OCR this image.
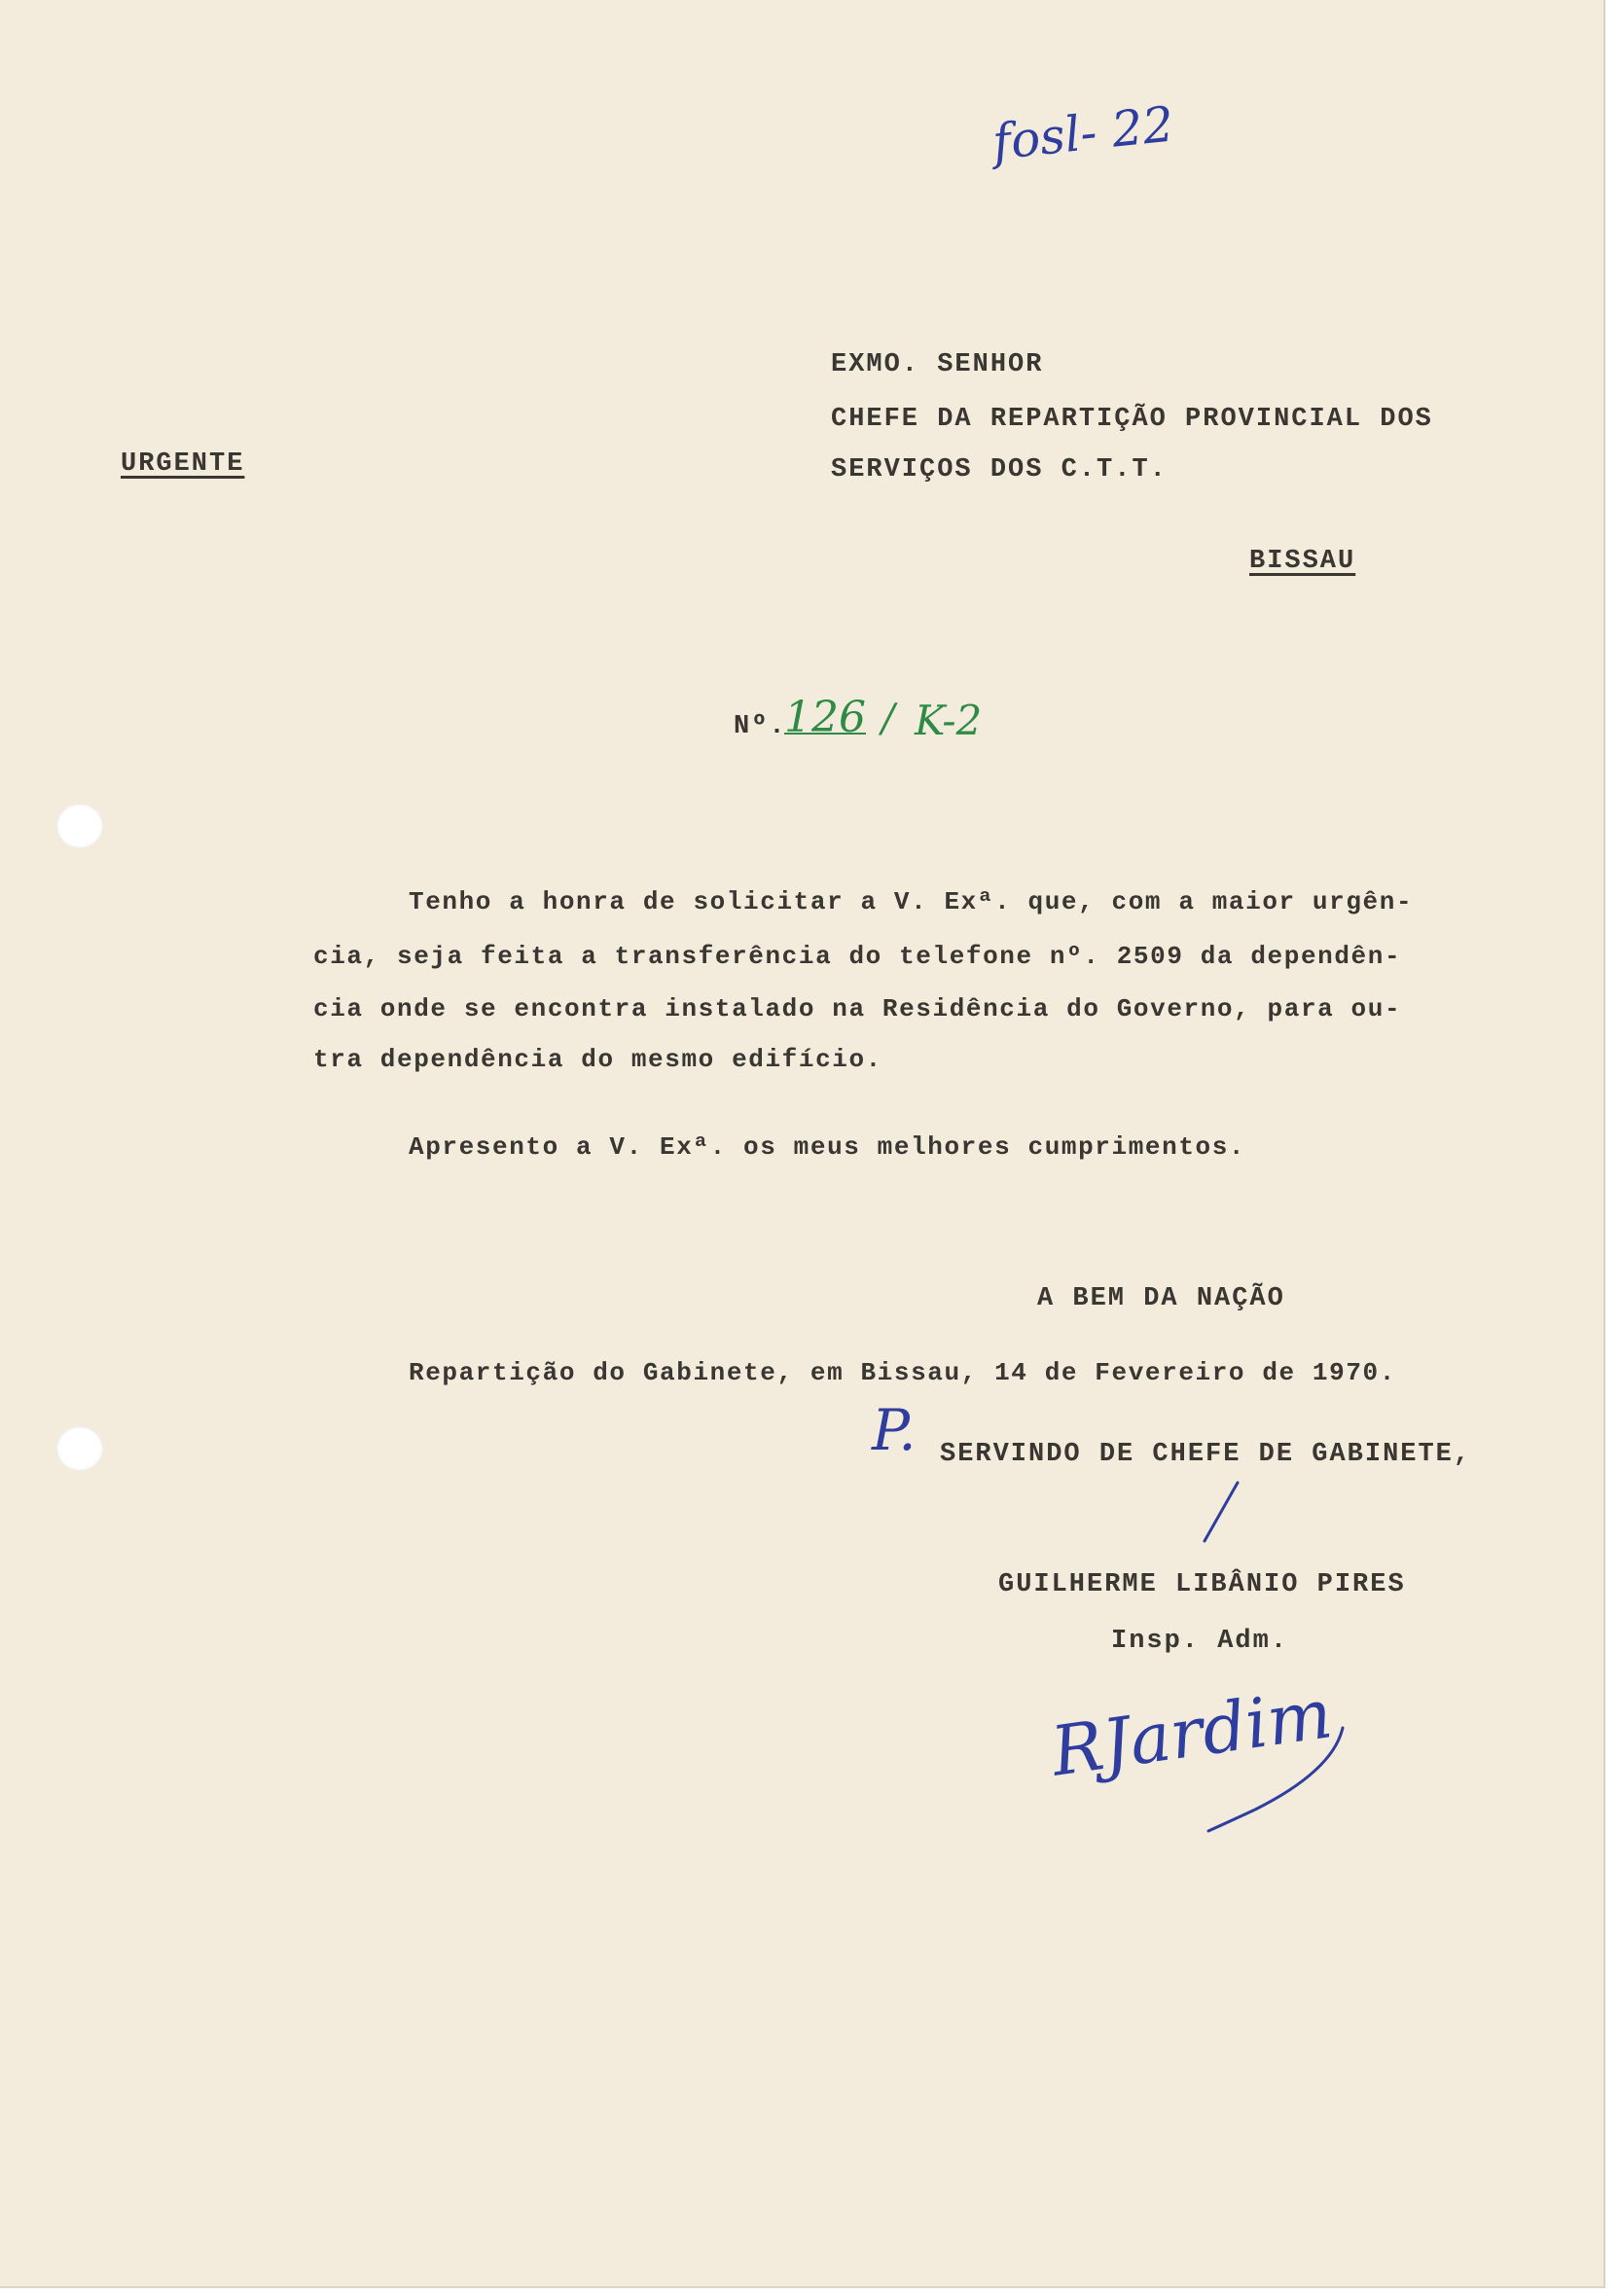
fosl- 22
URGENTE
EXMO. SENHOR
CHEFE DA REPARTIÇÃO PROVINCIAL DOS
SERVIÇOS DOS C.T.T.
BISSAU
Nº.
126 / K-2
Tenho a honra de solicitar a V. Exª. que, com a maior urgên-
cia, seja feita a transferência do telefone nº. 2509 da dependên-
cia onde se encontra instalado na Residência do Governo, para ou-
tra dependência do mesmo edifício.
Apresento a V. Exª. os meus melhores cumprimentos.
A BEM DA NAÇÃO
Repartição do Gabinete, em Bissau, 14 de Fevereiro de 1970.
P. SERVINDO DE CHEFE DE GABINETE,
GUILHERME LIBÂNIO PIRES
Insp. Adm.
RJardim
